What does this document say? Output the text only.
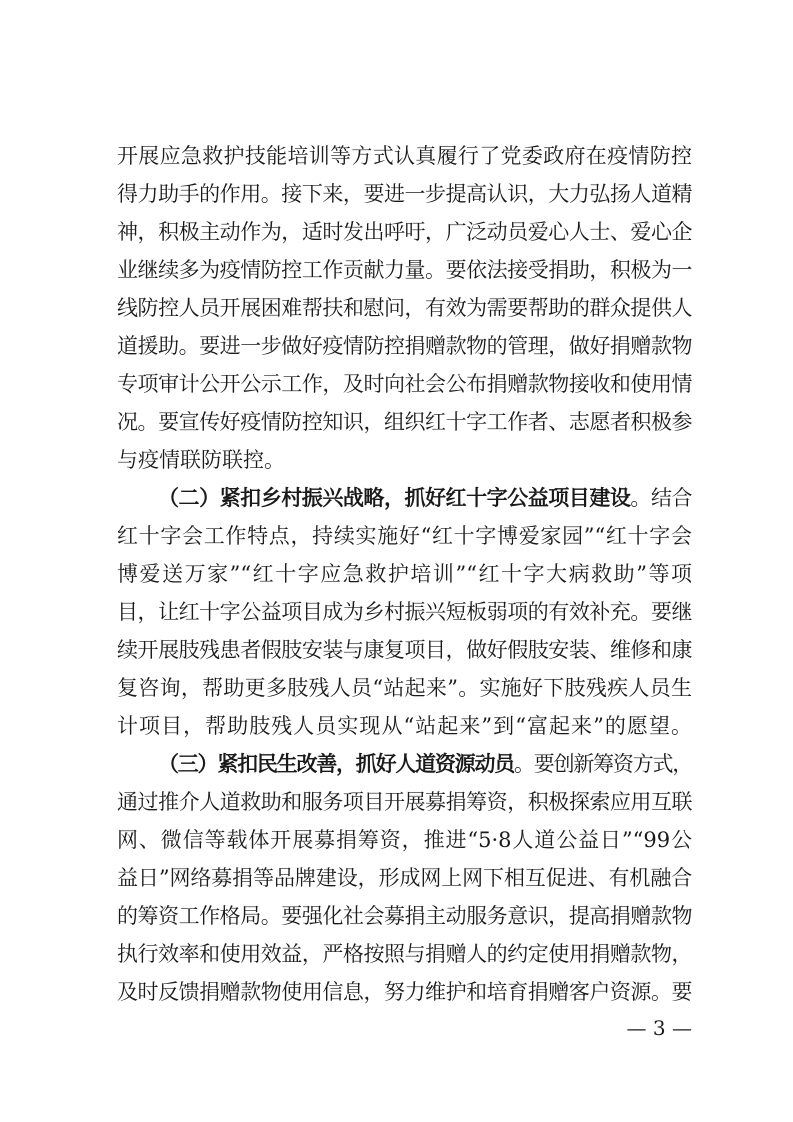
开展应急救护技能培训等方式认真履行了党委政府在疫情防控
得力助手的作用。接下来，要进一步提高认识，大力弘扬人道精
神，积极主动作为，适时发出呼吁，广泛动员爱心人士、爱心企
业继续多为疫情防控工作贡献力量。要依法接受捐助，积极为一
线防控人员开展困难帮扶和慰问，有效为需要帮助的群众提供人
道援助。要进一步做好疫情防控捐赠款物的管理，做好捐赠款物
专项审计公开公示工作，及时向社会公布捐赠款物接收和使用情
况。要宣传好疫情防控知识，组织红十字工作者、志愿者积极参
与疫情联防联控。
（二）紧扣乡村振兴战略，抓好红十字公益项目建设。结合
红十字会工作特点，持续实施好“红十字博爱家园”“红十字会
博爱送万家”“红十字应急救护培训”“红十字大病救助”等项
目，让红十字公益项目成为乡村振兴短板弱项的有效补充。要继
续开展肢残患者假肢安装与康复项目，做好假肢安装、维修和康
复咨询，帮助更多肢残人员“站起来”。实施好下肢残疾人员生
计项目，帮助肢残人员实现从“站起来”到“富起来”的愿望。
（三）紧扣民生改善，抓好人道资源动员。要创新筹资方式，
通过推介人道救助和服务项目开展募捐筹资，积极探索应用互联
网、微信等载体开展募捐筹资，推进“5·8人道公益日”“99公
益日”网络募捐等品牌建设，形成网上网下相互促进、有机融合
的筹资工作格局。要强化社会募捐主动服务意识，提高捐赠款物
执行效率和使用效益，严格按照与捐赠人的约定使用捐赠款物，
及时反馈捐赠款物使用信息，努力维护和培育捐赠客户资源。要
— 3 —
